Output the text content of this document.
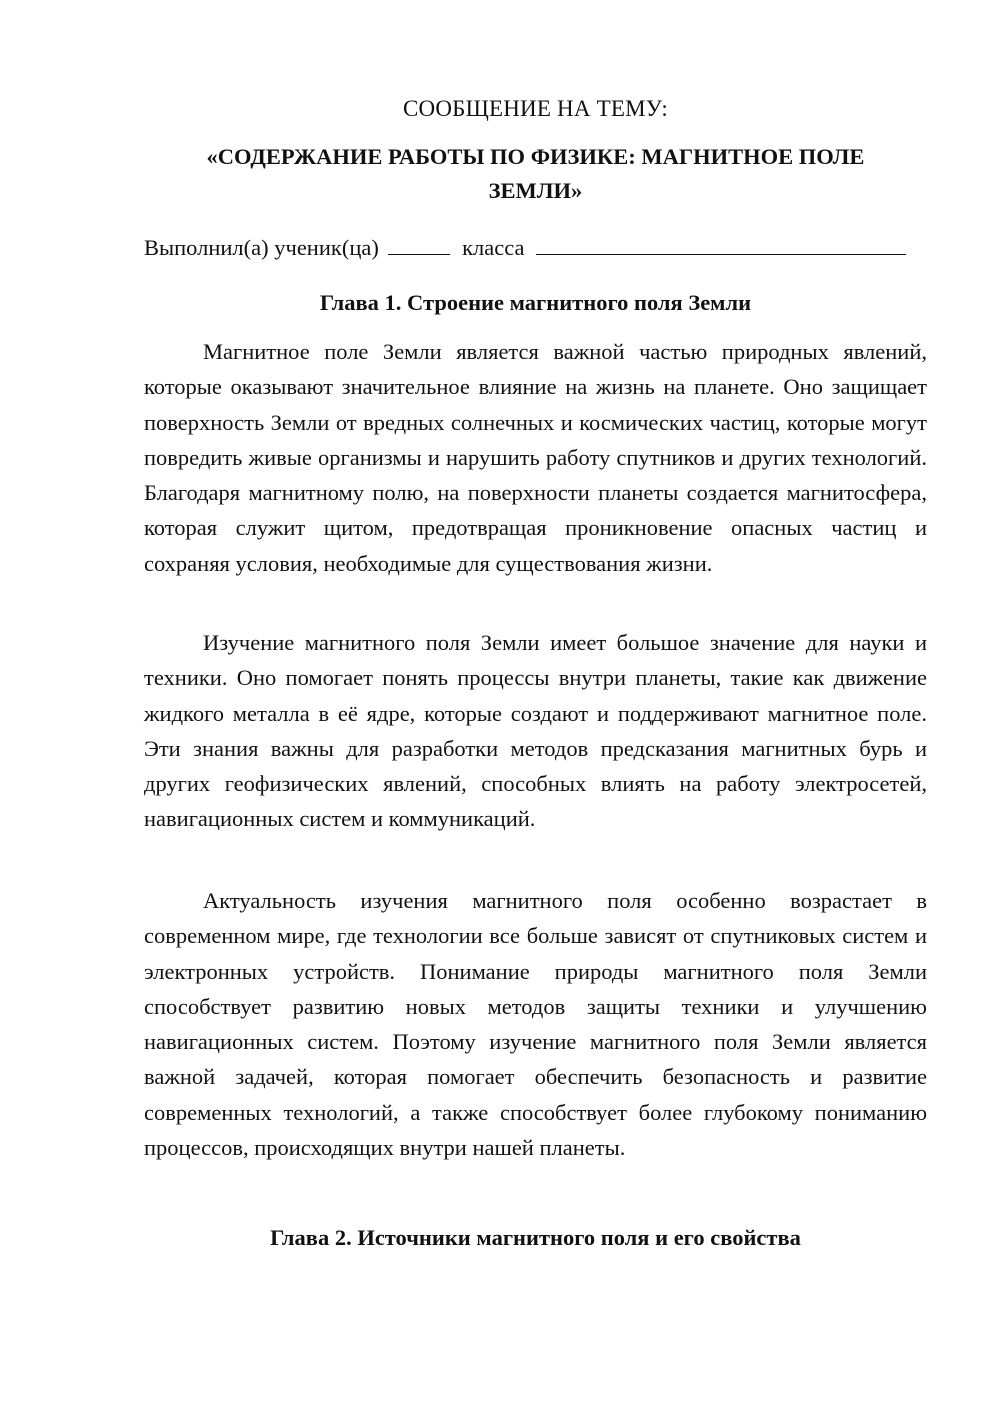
СООБЩЕНИЕ НА ТЕМУ:

«СОДЕРЖАНИЕ РАБОТЫ ПО ФИЗИКЕ: МАГНИТНОЕ ПОЛЕ
ЗЕМЛИ»
Выполнил(а) ученик(ца)	класса
Глава 1. Строение магнитного поля Земли

Магнитное поле Земли является важной частью природных явлений, которые оказывают значительное влияние на жизнь на планете. Оно защищает поверхность Земли от вредных солнечных и космических частиц, которые могут повредить живые организмы и нарушить работу спутников и других технологий. Благодаря магнитному полю, на поверхности планеты создается магнитосфера, которая служит щитом, предотвращая проникновение опасных частиц и сохраняя условия, необходимые для существования жизни.

Изучение магнитного поля Земли имеет большое значение для науки и техники. Оно помогает понять процессы внутри планеты, такие как движение жидкого металла в её ядре, которые создают и поддерживают магнитное поле. Эти знания важны для разработки методов предсказания магнитных бурь и других геофизических явлений, способных влиять на работу электросетей, навигационных систем и коммуникаций.

Актуальность изучения магнитного поля особенно возрастает в современном мире, где технологии все больше зависят от спутниковых систем и электронных устройств. Понимание природы магнитного поля Земли способствует развитию новых методов защиты техники и улучшению навигационных систем. Поэтому изучение магнитного поля Земли является важной задачей, которая помогает обеспечить безопасность и развитие современных технологий, а также способствует более глубокому пониманию процессов, происходящих внутри нашей планеты.

Глава 2. Источники магнитного поля и его свойства
